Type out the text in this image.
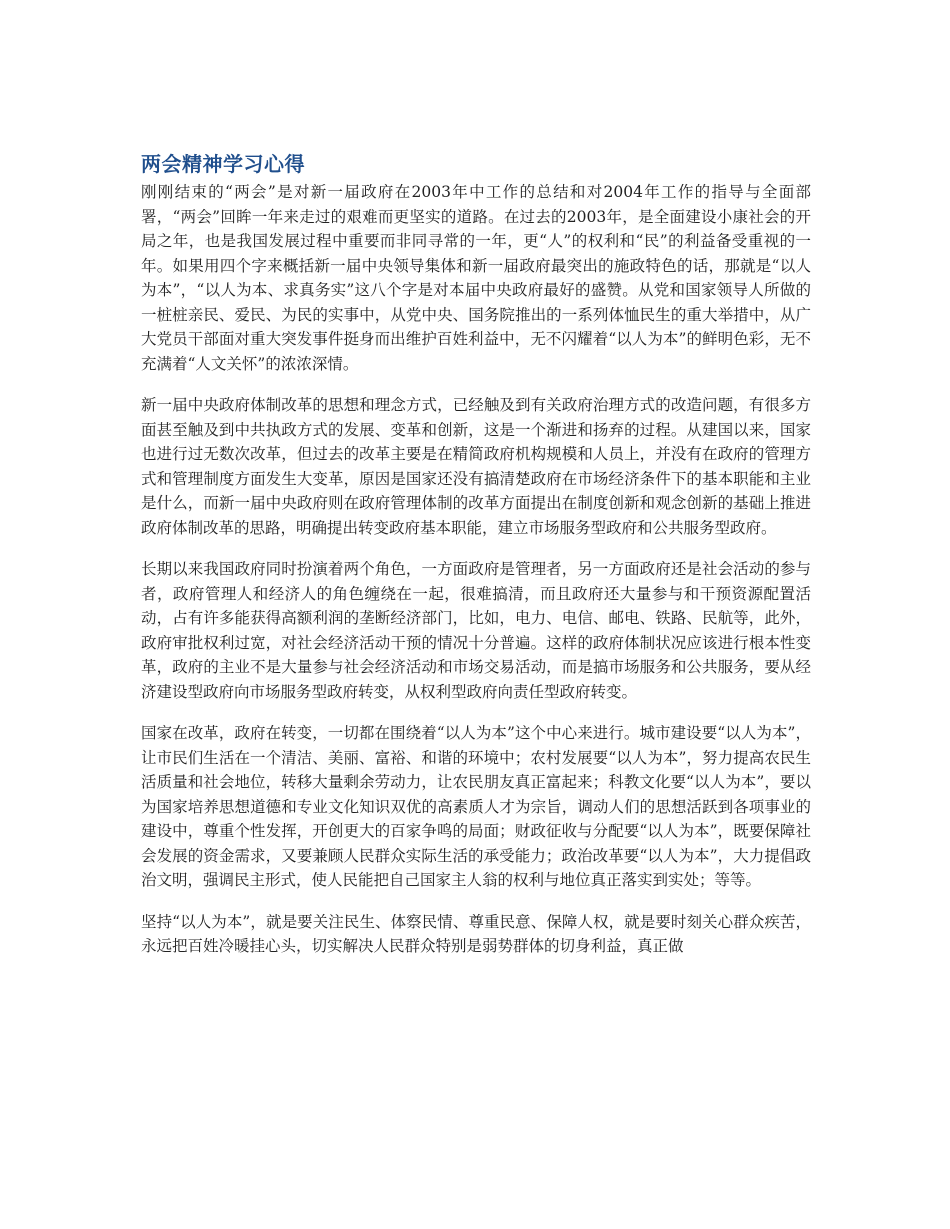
两会精神学习心得

刚刚结束的“两会”是对新一届政府在2003年中工作的总结和对2004年工作的指导与全面部署，“两会”回眸一年来走过的艰难而更坚实的道路。在过去的2003年，是全面建设小康社会的开局之年，也是我国发展过程中重要而非同寻常的一年，更“人”的权利和“民”的利益备受重视的一年。如果用四个字来概括新一届中央领导集体和新一届政府最突出的施政特色的话，那就是“以人为本”，“以人为本、求真务实”这八个字是对本届中央政府最好的盛赞。从党和国家领导人所做的一桩桩亲民、爱民、为民的实事中，从党中央、国务院推出的一系列体恤民生的重大举措中，从广大党员干部面对重大突发事件挺身而出维护百姓利益中，无不闪耀着“以人为本”的鲜明色彩，无不充满着“人文关怀”的浓浓深情。

新一届中央政府体制改革的思想和理念方式，已经触及到有关政府治理方式的改造问题，有很多方面甚至触及到中共执政方式的发展、变革和创新，这是一个渐进和扬弃的过程。从建国以来，国家也进行过无数次改革，但过去的改革主要是在精简政府机构规模和人员上，并没有在政府的管理方式和管理制度方面发生大变革，原因是国家还没有搞清楚政府在市场经济条件下的基本职能和主业是什么，而新一届中央政府则在政府管理体制的改革方面提出在制度创新和观念创新的基础上推进政府体制改革的思路，明确提出转变政府基本职能，建立市场服务型政府和公共服务型政府。

长期以来我国政府同时扮演着两个角色，一方面政府是管理者，另一方面政府还是社会活动的参与者，政府管理人和经济人的角色缠绕在一起，很难搞清，而且政府还大量参与和干预资源配置活动，占有许多能获得高额利润的垄断经济部门，比如，电力、电信、邮电、铁路、民航等，此外，政府审批权利过宽，对社会经济活动干预的情况十分普遍。这样的政府体制状况应该进行根本性变革，政府的主业不是大量参与社会经济活动和市场交易活动，而是搞市场服务和公共服务，要从经济建设型政府向市场服务型政府转变，从权利型政府向责任型政府转变。

国家在改革，政府在转变，一切都在围绕着“以人为本”这个中心来进行。城市建设要“以人为本”，让市民们生活在一个清洁、美丽、富裕、和谐的环境中；农村发展要“以人为本”，努力提高农民生活质量和社会地位，转移大量剩余劳动力，让农民朋友真正富起来；科教文化要“以人为本”，要以为国家培养思想道德和专业文化知识双优的高素质人才为宗旨，调动人们的思想活跃到各项事业的建设中，尊重个性发挥，开创更大的百家争鸣的局面；财政征收与分配要“以人为本”，既要保障社会发展的资金需求，又要兼顾人民群众实际生活的承受能力；政治改革要“以人为本”，大力提倡政治文明，强调民主形式，使人民能把自己国家主人翁的权利与地位真正落实到实处；等等。

坚持“以人为本”，就是要关注民生、体察民情、尊重民意、保障人权，就是要时刻关心群众疾苦，永远把百姓冷暖挂心头，切实解决人民群众特别是弱势群体的切身利益，真正做
